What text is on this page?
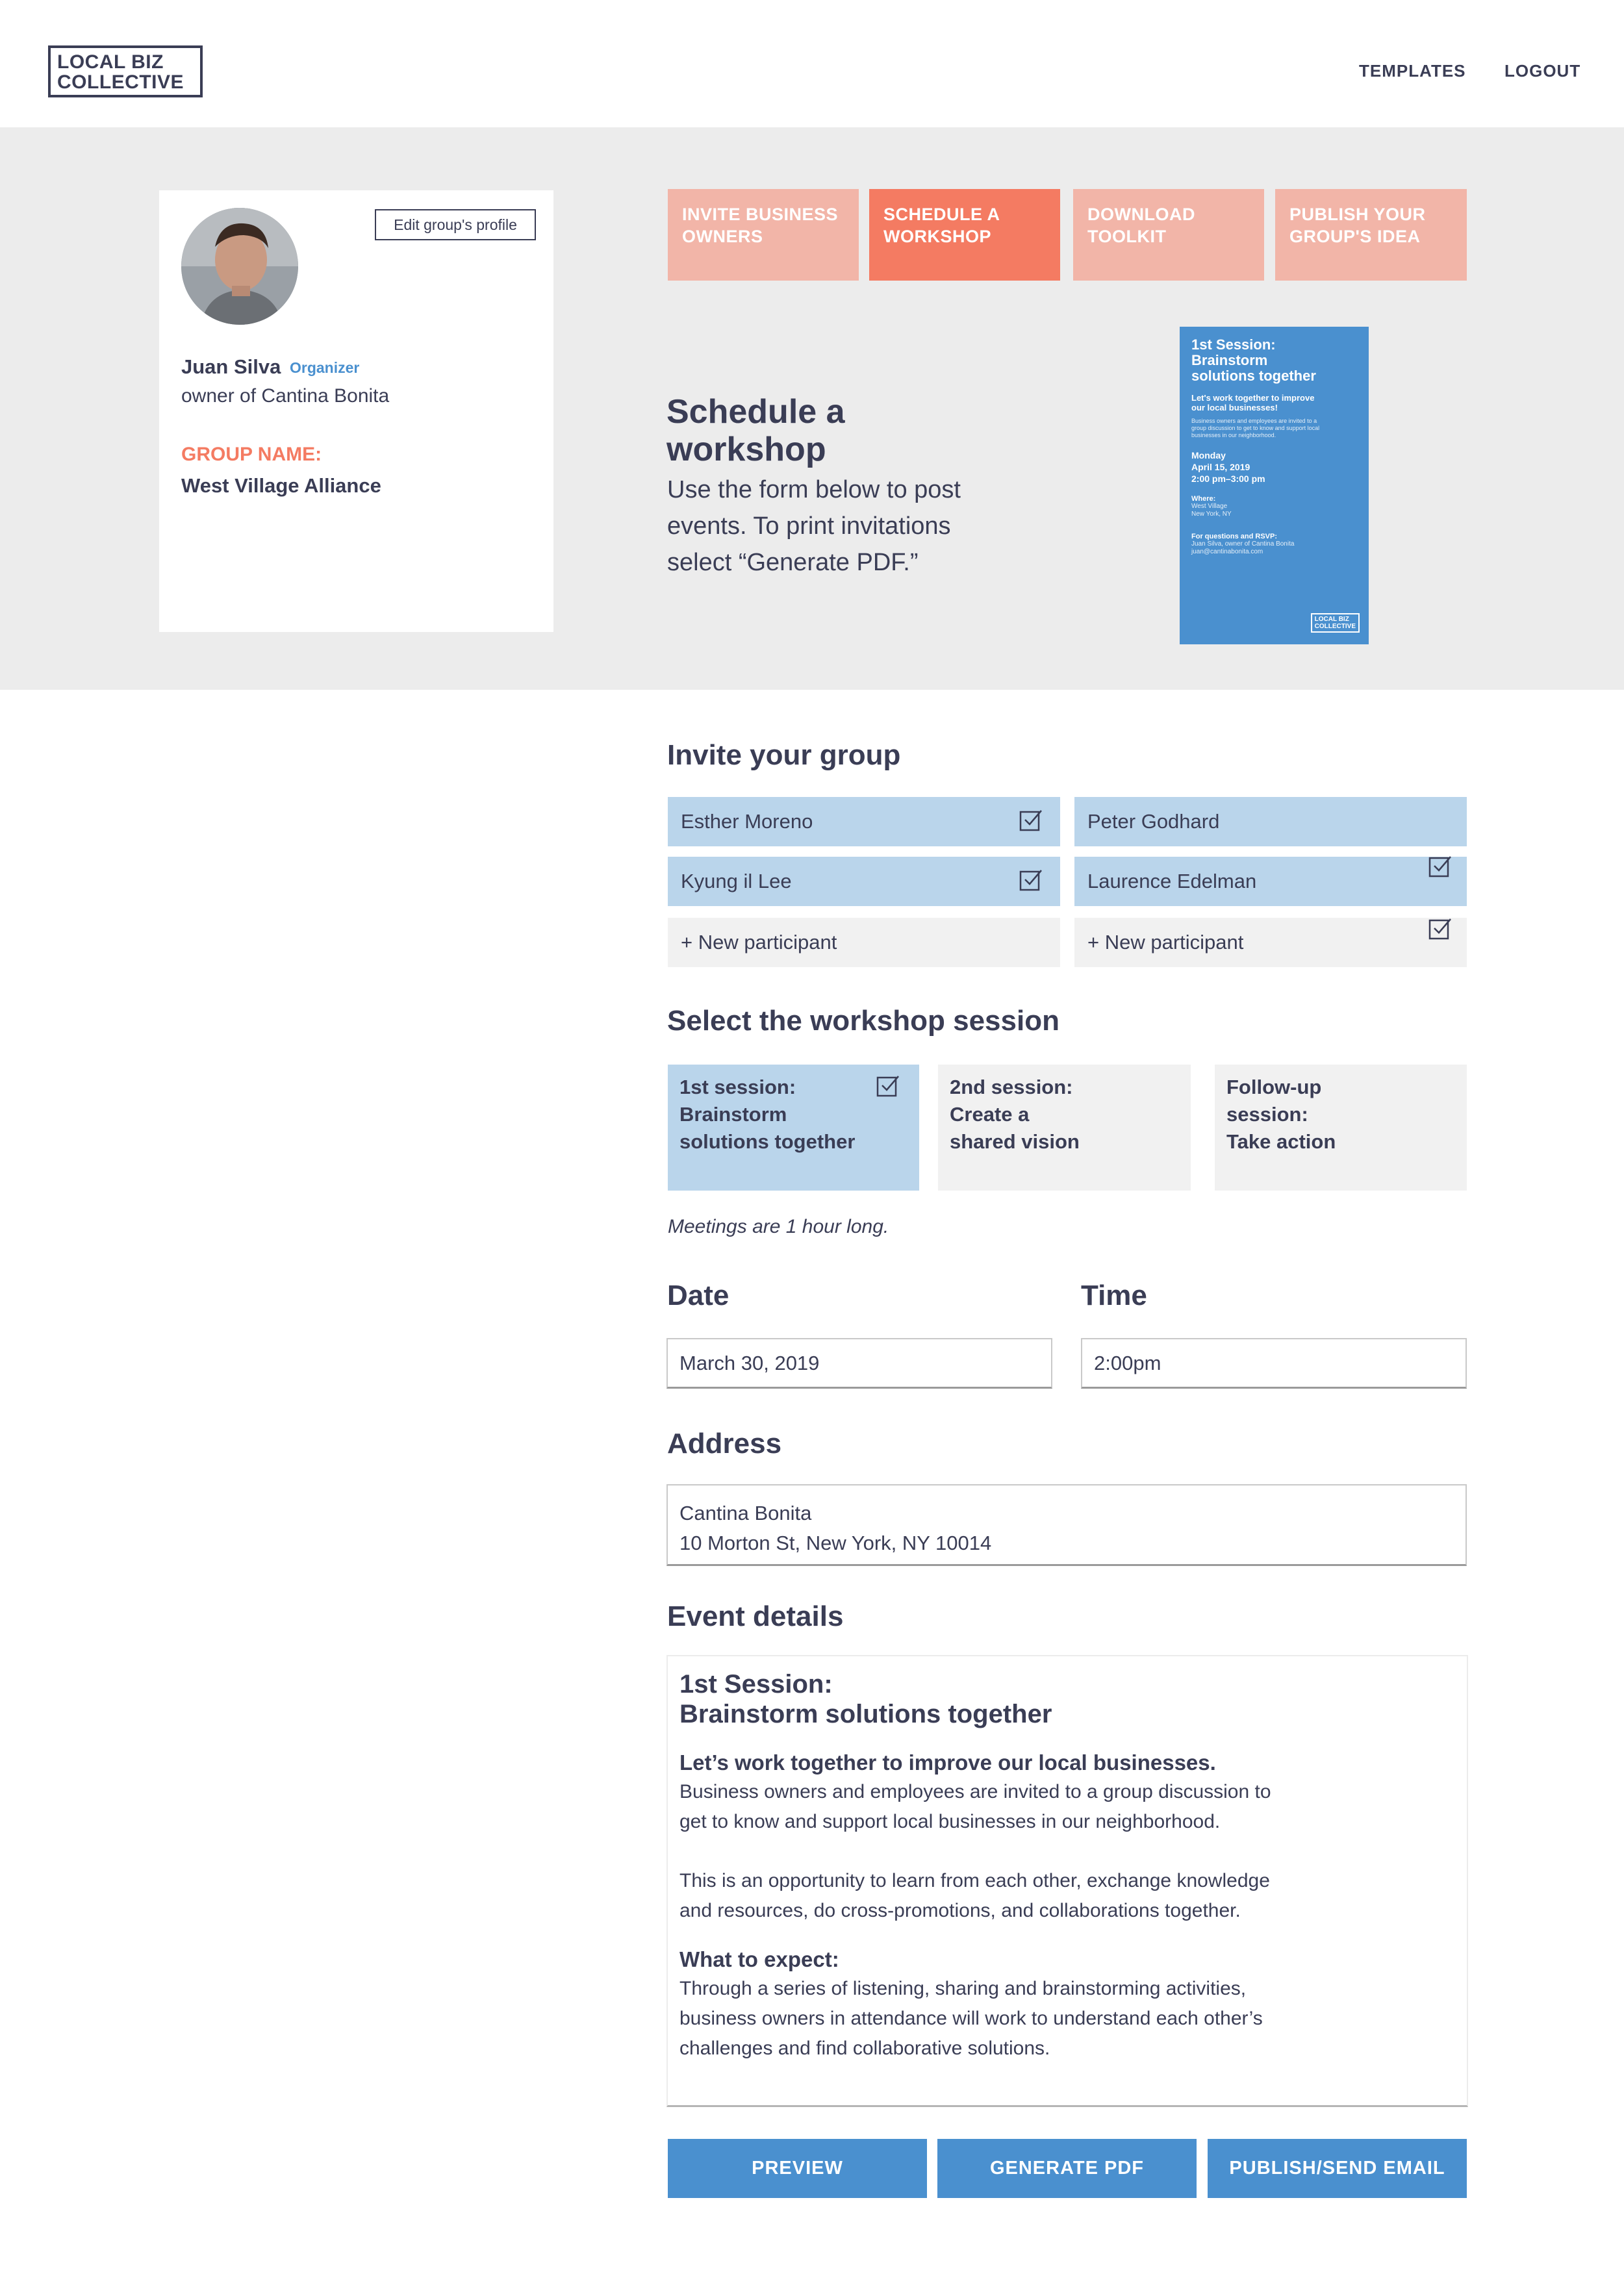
LOCAL BIZ
COLLECTIVE
TEMPLATES LOGOUT
Edit group's profile
Juan Silva Organizer
owner of Cantina Bonita
GROUP NAME:
West Village Alliance
INVITE BUSINESS
OWNERS
SCHEDULE A
WORKSHOP
DOWNLOAD
TOOLKIT
PUBLISH YOUR
GROUP'S IDEA
Schedule a
workshop
Use the form below to post
events. To print invitations
select “Generate PDF.”
1st Session:
Brainstorm
solutions together
Let's work together to improve
our local businesses!
Business owners and employees are invited to a
group discussion to get to know and support local
businesses in our neighborhood.
Monday
April 15, 2019
2:00 pm–3:00 pm
Where:
West Village
New York, NY
For questions and RSVP:
Juan Silva, owner of Cantina Bonita
juan@cantinabonita.com
LOCAL BIZ
COLLECTIVE
Invite your group
Esther Moreno	Peter Godhard
Kyung il Lee	Laurence Edelman
+ New participant	+ New participant
Select the workshop session
1st session:
Brainstorm
solutions together
2nd session:
Create a
shared vision
Follow-up
session:
Take action
Meetings are 1 hour long.
Date	Time
March 30, 2019	2:00pm
Address
Cantina Bonita
10 Morton St, New York, NY 10014
Event details
1st Session:
Brainstorm solutions together
Let’s work together to improve our local businesses.
Business owners and employees are invited to a group discussion to
get to know and support local businesses in our neighborhood.
This is an opportunity to learn from each other, exchange knowledge
and resources, do cross-promotions, and collaborations together.
What to expect:
Through a series of listening, sharing and brainstorming activities,
business owners in attendance will work to understand each other’s
challenges and find collaborative solutions.
PREVIEW	GENERATE PDF	PUBLISH/SEND EMAIL
